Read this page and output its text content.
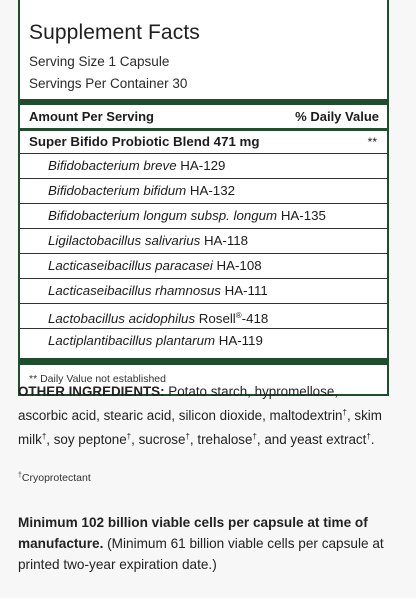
Supplement Facts
Serving Size 1 Capsule
Servings Per Container 30
Amount Per Serving	% Daily Value
Super Bifido Probiotic Blend 471 mg	**
Bifidobacterium breve HA-129
Bifidobacterium bifidum HA-132
Bifidobacterium longum subsp. longum HA-135
Ligilactobacillus salivarius HA-118
Lacticaseibacillus paracasei HA-108
Lacticaseibacillus rhamnosus HA-111
Lactobacillus acidophilus Rosell®-418
Lactiplantibacillus plantarum HA-119
** Daily Value not established
OTHER INGREDIENTS: Potato starch, hypromellose, ascorbic acid, stearic acid, silicon dioxide, maltodextrin†, skim milk†, soy peptone†, sucrose†, trehalose†, and yeast extract†.
†Cryoprotectant
Minimum 102 billion viable cells per capsule at time of manufacture. (Minimum 61 billion viable cells per capsule at printed two-year expiration date.)
